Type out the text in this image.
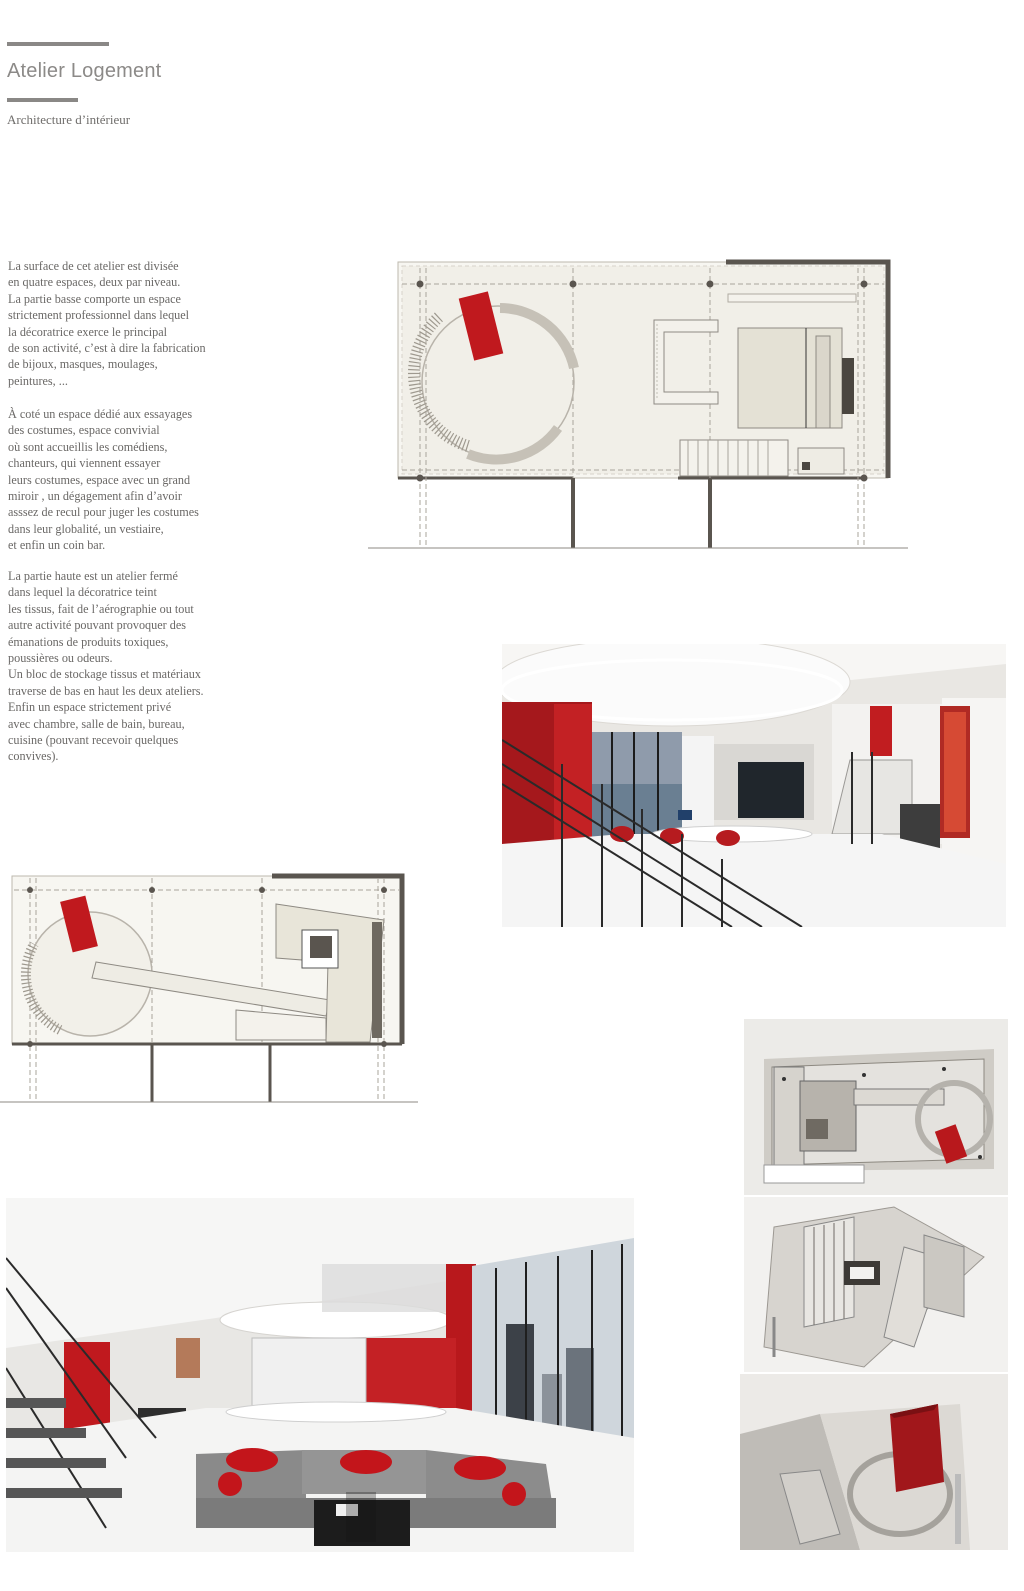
Atelier Logement
Architecture d’intérieur

La surface de cet atelier est divisée
en quatre espaces, deux par niveau.
La partie basse comporte un espace
strictement professionnel dans lequel
la décoratrice exerce le principal
de son activité, c’est à dire la fabrication
de bijoux, masques, moulages,
peintures, ...

À coté un espace dédié aux essayages
des costumes, espace convivial
où sont accueillis les comédiens,
chanteurs, qui viennent essayer
leurs costumes, espace avec un grand
miroir , un dégagement afin d’avoir
asssez de recul pour juger les costumes
dans leur globalité, un vestiaire,
et enfin un coin bar.

La partie haute est un atelier fermé
dans lequel la décoratrice teint
les tissus, fait de l’aérographie ou tout
autre activité pouvant provoquer des
émanations de produits toxiques,
poussières ou odeurs.
Un bloc de stockage tissus et matériaux
traverse de bas en haut les deux ateliers.
Enfin un espace strictement privé
avec chambre, salle de bain, bureau,
cuisine (pouvant recevoir quelques
convives).
